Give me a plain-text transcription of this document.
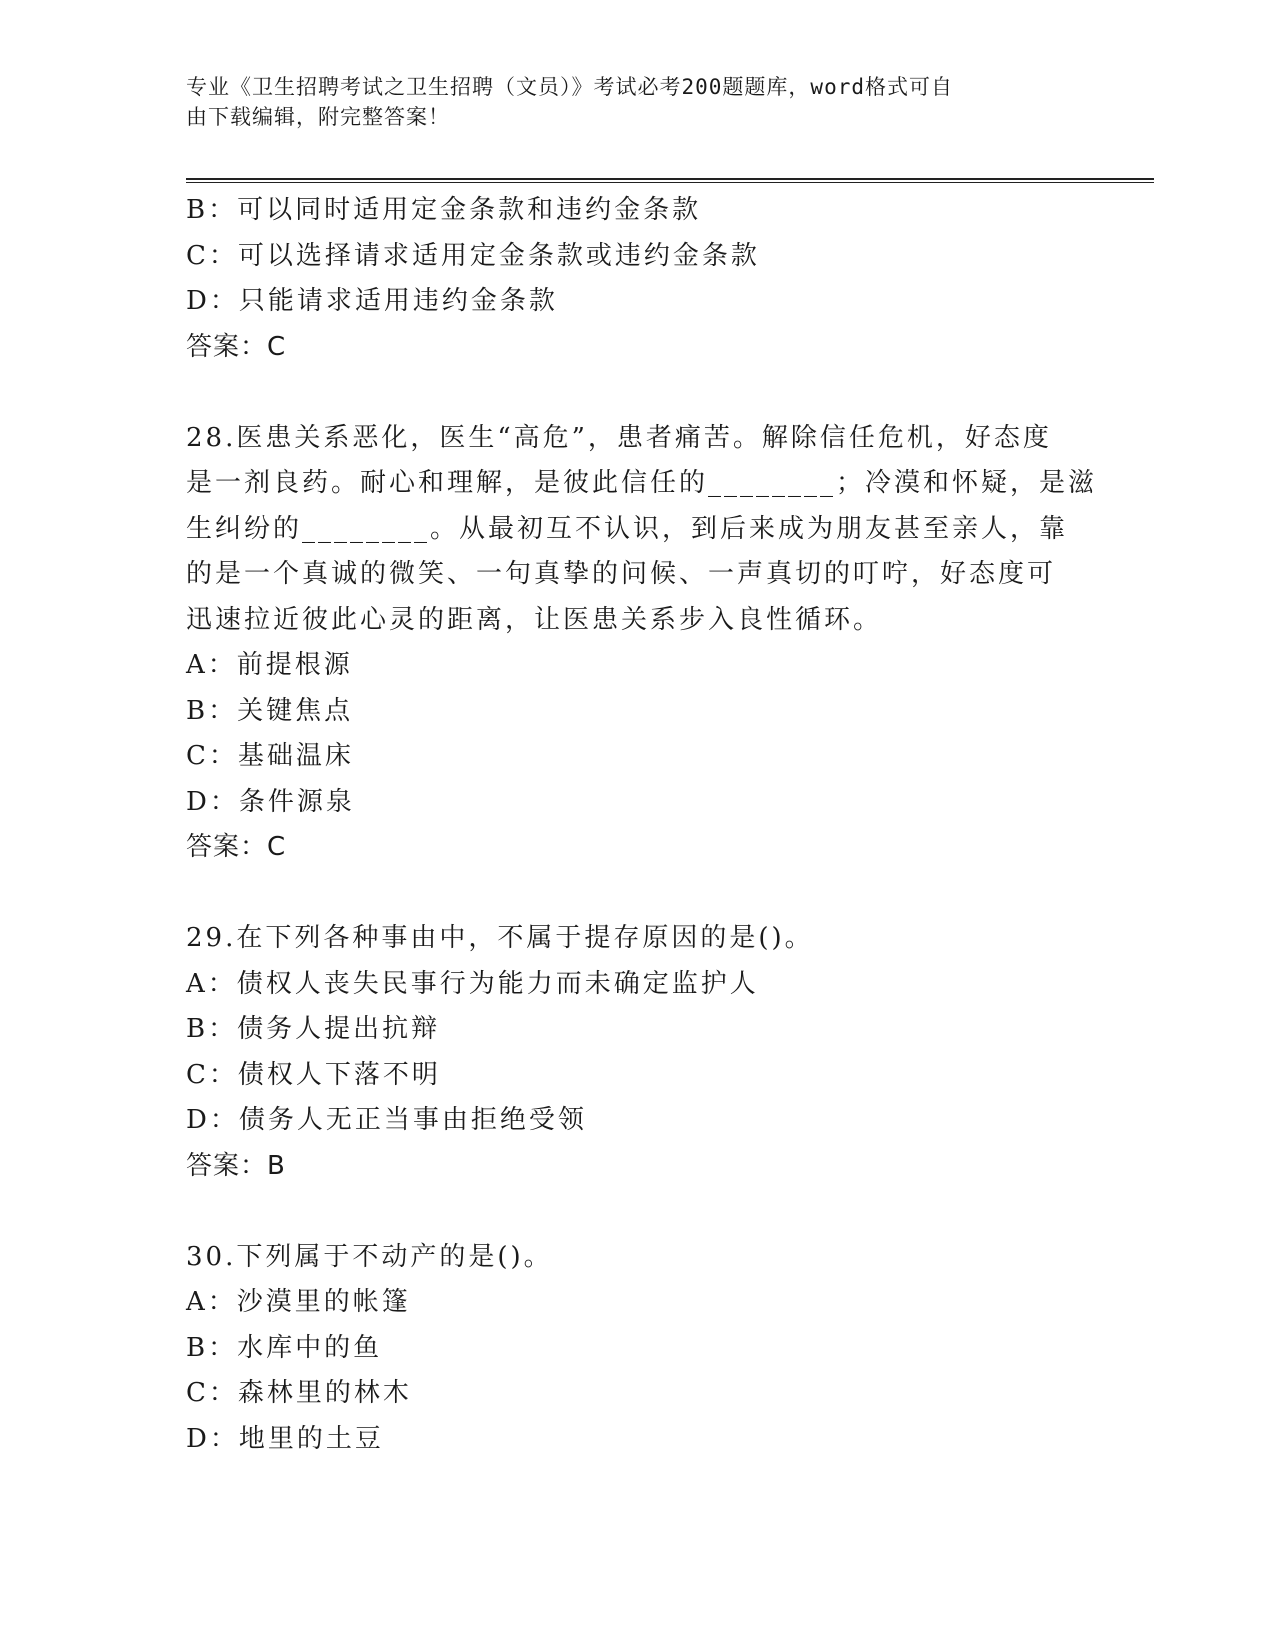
专业《卫生招聘考试之卫生招聘（文员）》考试必考200题题库，word格式可自
由下载编辑，附完整答案！
B：可以同时适用定金条款和违约金条款
C：可以选择请求适用定金条款或违约金条款
D：只能请求适用违约金条款
答案：C
28.医患关系恶化，医生“高危”，患者痛苦。解除信任危机，好态度
是一剂良药。耐心和理解，是彼此信任的________；冷漠和怀疑，是滋
生纠纷的________。从最初互不认识，到后来成为朋友甚至亲人，靠
的是一个真诚的微笑、一句真挚的问候、一声真切的叮咛，好态度可
迅速拉近彼此心灵的距离，让医患关系步入良性循环。
A：前提根源
B：关键焦点
C：基础温床
D：条件源泉
答案：C
29.在下列各种事由中，不属于提存原因的是()。
A：债权人丧失民事行为能力而未确定监护人
B：债务人提出抗辩
C：债权人下落不明
D：债务人无正当事由拒绝受领
答案：B
30.下列属于不动产的是()。
A：沙漠里的帐篷
B：水库中的鱼
C：森林里的林木
D：地里的土豆
